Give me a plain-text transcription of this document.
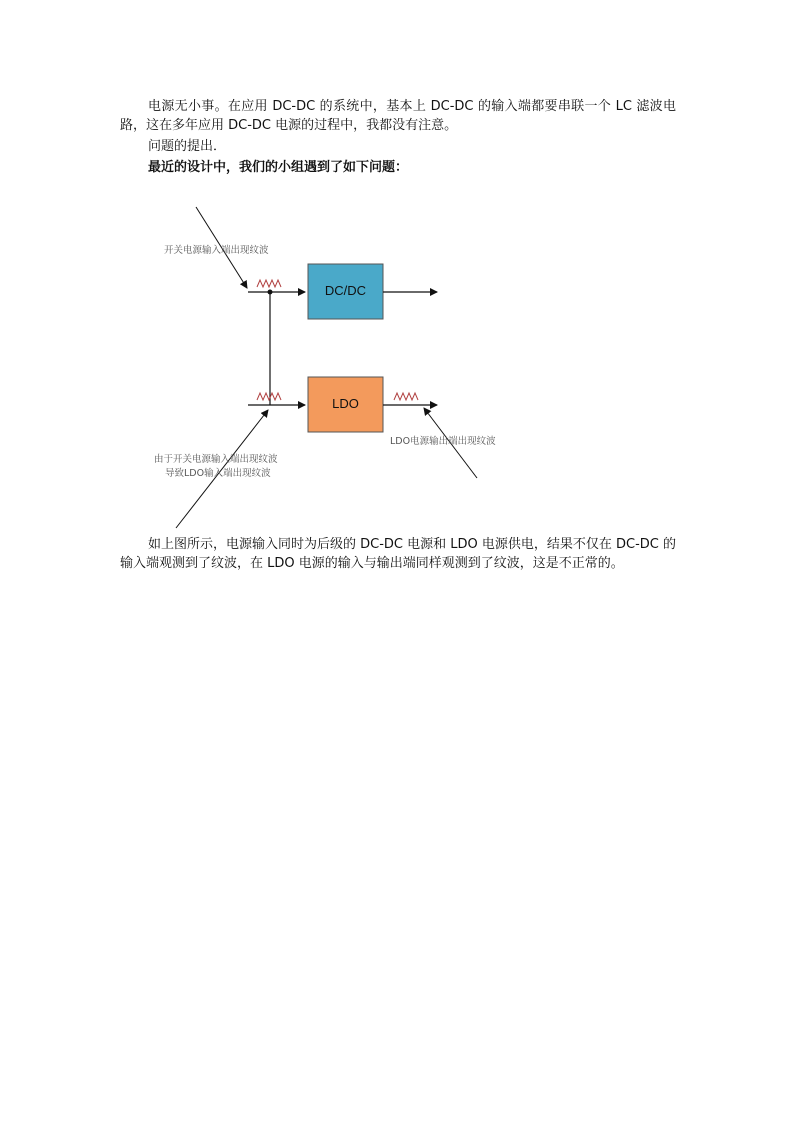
电源无小事。在应用 DC-DC 的系统中，基本上 DC-DC 的输入端都要串联一个 LC 滤波电路，这在多年应用 DC-DC 电源的过程中，我都没有注意。

问题的提出．

最近的设计中，我们的小组遇到了如下问题：

DC/DC
LDO
开关电源输入端出现纹波
由于开关电源输入端出现纹波
导致LDO输入端出现纹波
LDO电源输出端出现纹波

如上图所示，电源输入同时为后级的 DC-DC 电源和 LDO 电源供电，结果不仅在 DC-DC 的输入端观测到了纹波，在 LDO 电源的输入与输出端同样观测到了纹波，这是不正常的。
